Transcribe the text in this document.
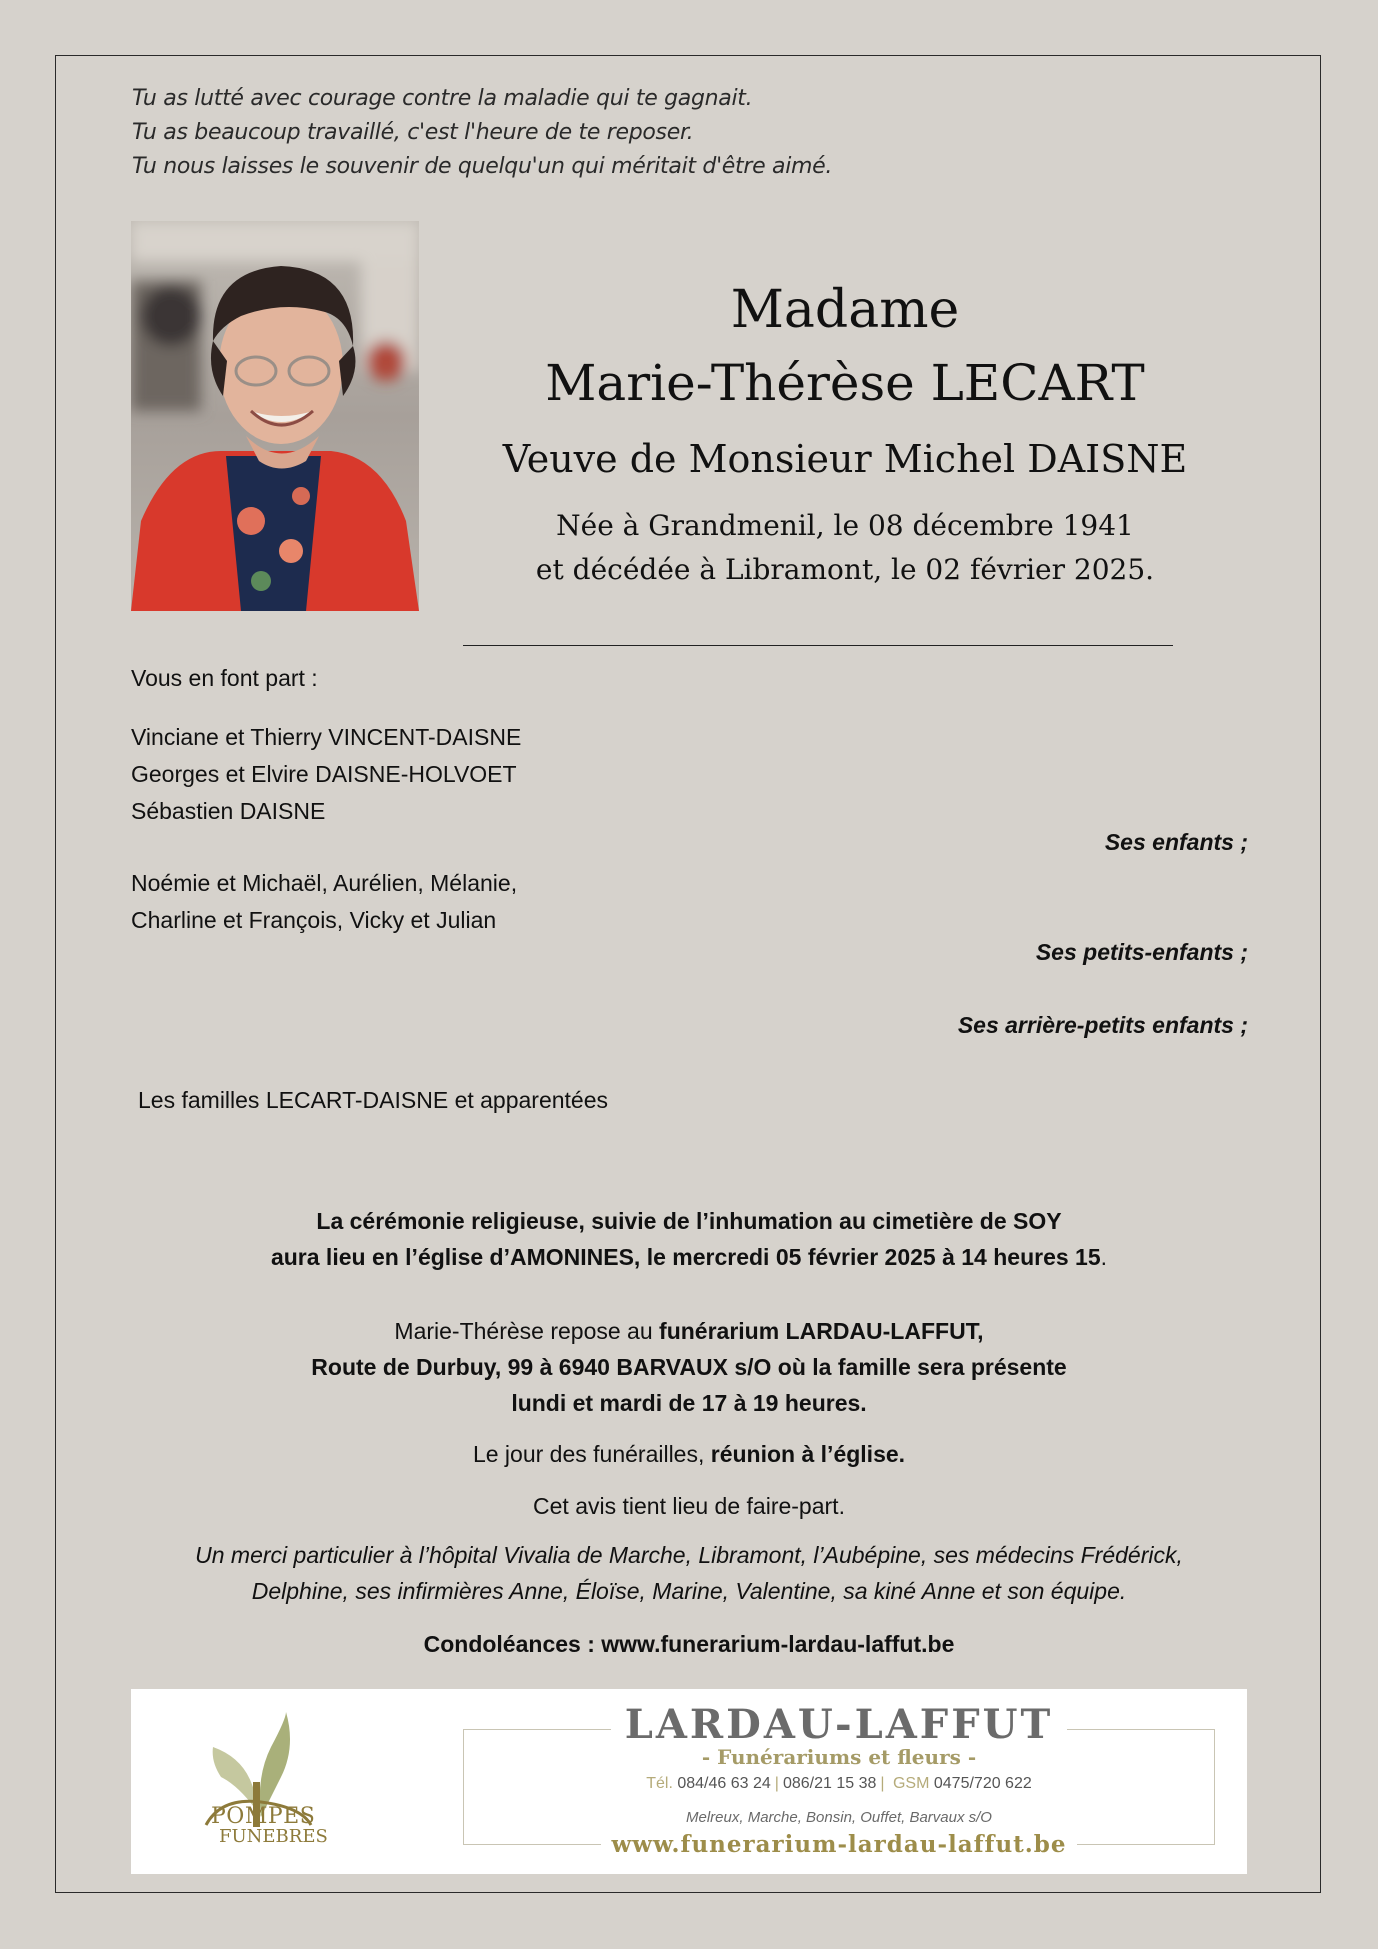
Tu as lutté avec courage contre la maladie qui te gagnait.
Tu as beaucoup travaillé, c'est l'heure de te reposer.
Tu nous laisses le souvenir de quelqu'un qui méritait d'être aimé.
Madame
Marie-Thérèse LECART
Veuve de Monsieur Michel DAISNE
Née à Grandmenil, le 08 décembre 1941
et décédée à Libramont, le 02 février 2025.
Vous en font part :
Vinciane et Thierry VINCENT-DAISNE
Georges et Elvire DAISNE-HOLVOET
Sébastien DAISNE
Ses enfants ;
Noémie et Michaël, Aurélien, Mélanie,
Charline et François, Vicky et Julian
Ses petits-enfants ;
Ses arrière-petits enfants ;
Les familles LECART-DAISNE et apparentées
La cérémonie religieuse, suivie de l’inhumation au cimetière de SOY
aura lieu en l’église d’AMONINES, le mercredi 05 février 2025 à 14 heures 15.
Marie-Thérèse repose au funérarium LARDAU-LAFFUT,
Route de Durbuy, 99 à 6940 BARVAUX s/O où la famille sera présente
lundi et mardi de 17 à 19 heures.
Le jour des funérailles, réunion à l’église.
Cet avis tient lieu de faire-part.
Un merci particulier à l’hôpital Vivalia de Marche, Libramont, l’Aubépine, ses médecins Frédérick,
Delphine, ses infirmières Anne, Éloïse, Marine, Valentine, sa kiné Anne et son équipe.
Condoléances : www.funerarium-lardau-laffut.be
POMPES
FUNEBRES
LARDAU-LAFFUT
- Funérariums et fleurs -
Tél. 084/46 63 24 | 086/21 15 38 | GSM 0475/720 622
Melreux, Marche, Bonsin, Ouffet, Barvaux s/O
www.funerarium-lardau-laffut.be
